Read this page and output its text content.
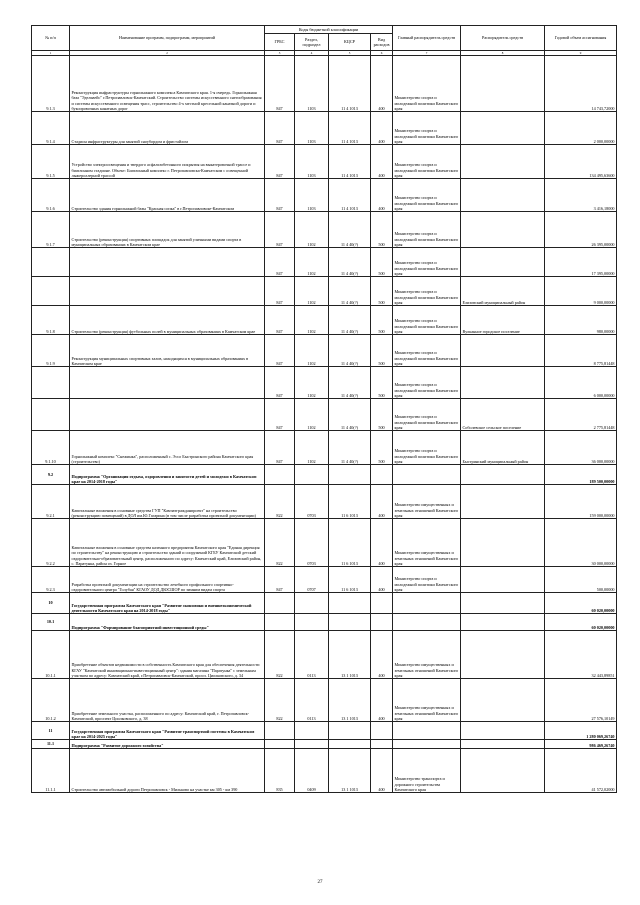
№ п/п	Наименование программ, подпрограмм, мероприятий	Коды бюджетной классификации				Главный распорядитель средств	Распорядитель средств	Годовой объем ассигнования
		ГРБС	Раздел, подраздел	КЦСР	Вид расходов			
1	2	3	4	5	6	7	8	9
9.1.3	Реконструкция инфраструктуры горнолыжного комплекса Камчатского края. 1-я очередь. Горнолыжная база "Эдельвейс" г.Петропавловск-Камчатский. Строительство системы искусственного снегообразования и системы искусственного освещения трасс, строительство 4-х местной кресельной канатной дороги и буксировочных канатных дорог	847	1103	11 4 1013	400	Министерство спорта и молодежной политики Камчатского края		14 743,72000
9.1.4	Стадион инфраструктуры для занятий сноубордом и фристайлом	847	1103	11 4 1013	400	Министерство спорта и молодежной политики Камчатского края		2 000,00000
9.1.5	Устройство электроосвещения и твердого асфальтобетонного покрытия на выкатеровочной трассе и биатлонном стадионе. Объект: Биатлонный комплекс г. Петропавловска-Камчатском с освещенной лыжероллерной трассой	847	1103	11 4 1013	400	Министерство спорта и молодежной политики Камчатского края		134 495,63600
9.1.6	Строительство здания горнолыжной базы "Красная сопка" в г.Петропавловске-Камчатском	847	1103	11 4 1013	400	Министерство спорта и молодежной политики Камчатского края		3 416,18000
9.1.7	Строительство (реконструкция) спортивных площадок для занятий уличными видами спорта в муниципальных образованиях в Камчатском крае	847	1102	11 4 40(?)	500	Министерство спорта и молодежной политики Камчатского края		26 395,00000
		847	1102	11 4 40(?)	500	Министерство спорта и молодежной политики Камчатского края		17 395,00000
		847	1102	11 4 40(?)	500	Министерство спорта и молодежной политики Камчатского края	Елизовский муниципальный район	9 000,00000
9.1.8	Строительство (реконструкция) футбольных полей в муниципальных образованиях в Камчатском крае	847	1102	11 4 40(?)	500	Министерство спорта и молодежной политики Камчатского края	Вулканное городское поселение	980,00000
9.1.9	Реконструкция муниципальных спортивных залов, находящихся в муниципальных образованиях в Камчатском крае	847	1102	11 4 40(?)	500	Министерство спорта и молодежной политики Камчатского края		8 775,81448
		847	1102	11 4 40(?)	500	Министерство спорта и молодежной политики Камчатского края		6 000,00000
		847	1102	11 4 40(?)	500	Министерство спорта и молодежной политики Камчатского края	Соболевское сельское поселение	2 775,81448
9.1.10	Горнолыжный комплекс "Снежинка", расположенный с. Эссо Быстринского района Камчатского края (строительство)	847	1102	11 4 40(?)	500	Министерство спорта и молодежной политики Камчатского края	Быстринский муниципальный район	36 000,00000
9.2	Подпрограмма "Организация отдыха, оздоровления и занятости детей и молодежи в Камчатском крае на 2014-2018 годы"							189 500,00000
9.2.1	Капитальные вложения в основные средства ГУП "Камчатгражданпроект" на строительство (реконструкцию помещений) в ДОЛ им.Ю.Гагарина (в том числе разработка проектной документации)	822	0703	11 6 1013	400	Министерство имущественных и земельных отношений Камчатского края		159 000,00000
9.2.2	Капитальные вложения в основные средства казенного предприятия Камчатского края "Единая дирекция по строительству" на реконструкцию и строительство зданий и сооружений КГБУ Камчатский детский оздоровительно-образовательный центр, расположенного по адресу: Камчатский край, Елизовский район, с. Паратунка, район оз. Горное	822	0703	11 6 1013	400	Министерство имущественных и земельных отношений Камчатского края		30 000,00000
9.2.3	Разработка проектной документации на строительство лечебного профильного спортивно-оздоровительного центра "Голубая" КГАОУ ДОД ДЮСШОР по зимним видам спорта	847	0707	11 6 1013	400	Министерство спорта и молодежной политики Камчатского края		500,00000
10	Государственная программа Камчатского края "Развитие экономики и внешнеэкономической деятельности Камчатского края на 2014-2018 годы"							60 020,00000
10.1	Подпрограмма "Формирование благоприятной инвестиционной среды"							60 020,00000
10.1.1	Приобретение объектов недвижимости в собственность Камчатского края для обеспечения деятельности КГАУ "Камчатский инновационно-инвестиционный центр": здания магазина "Паратунка" с земельным участком по адресу: Камчатский край, г.Петропавловск-Камчатский, просп. Циолковского, д. 34	822	0113	13 1 1013	400	Министерство имущественных и земельных отношений Камчатского края		32 443,89851
10.1.2	Приобретение земельного участка, расположенного по адресу: Камчатский край, г. Петропавловск-Камчатский, проспект Циолковского, д. 38	822	0113	13 1 1013	400	Министерство имущественных и земельных отношений Камчатского края		27 576,10149
11	Государственная программа Камчатского края "Развитие транспортной системы в Камчатском крае на 2014-2025 годы"							1 280 069,26740
11.1	Подпрограмма "Развитие дорожного хозяйства"							986 469,26740
11.1.1	Строительство автомобильной дороги Петропавловск - Мильково на участке км 305 - км 390	835	0409	13 1 1013	400	Министерство транспорта и дорожного строительства Камчатского края		41 572,02000
27
